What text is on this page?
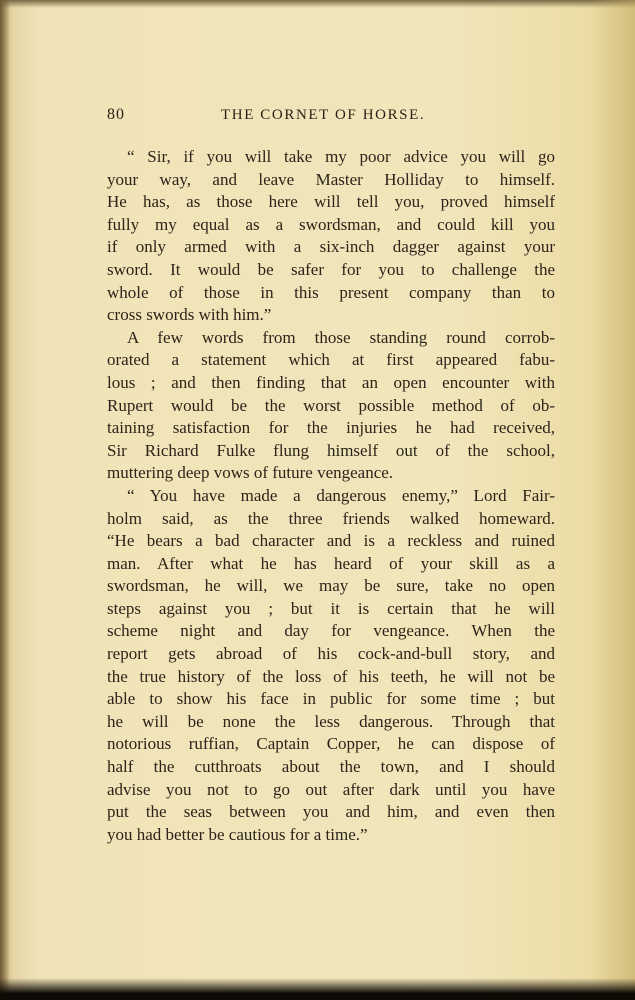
80	THE CORNET OF HORSE.
“ Sir, if you will take my poor advice you will go
your way, and leave Master Holliday to himself.
He has, as those here will tell you, proved himself
fully my equal as a swordsman, and could kill you
if only armed with a six-inch dagger against your
sword. It would be safer for you to challenge the
whole of those in this present company than to
cross swords with him.”
A few words from those standing round corrob-
orated a statement which at first appeared fabu-
lous ; and then finding that an open encounter with
Rupert would be the worst possible method of ob-
taining satisfaction for the injuries he had received,
Sir Richard Fulke flung himself out of the school,
muttering deep vows of future vengeance.
“ You have made a dangerous enemy,” Lord Fair-
holm said, as the three friends walked homeward.
“He bears a bad character and is a reckless and ruined
man. After what he has heard of your skill as a
swordsman, he will, we may be sure, take no open
steps against you ; but it is certain that he will
scheme night and day for vengeance. When the
report gets abroad of his cock-and-bull story, and
the true history of the loss of his teeth, he will not be
able to show his face in public for some time ; but
he will be none the less dangerous. Through that
notorious ruffian, Captain Copper, he can dispose of
half the cutthroats about the town, and I should
advise you not to go out after dark until you have
put the seas between you and him, and even then
you had better be cautious for a time.”
